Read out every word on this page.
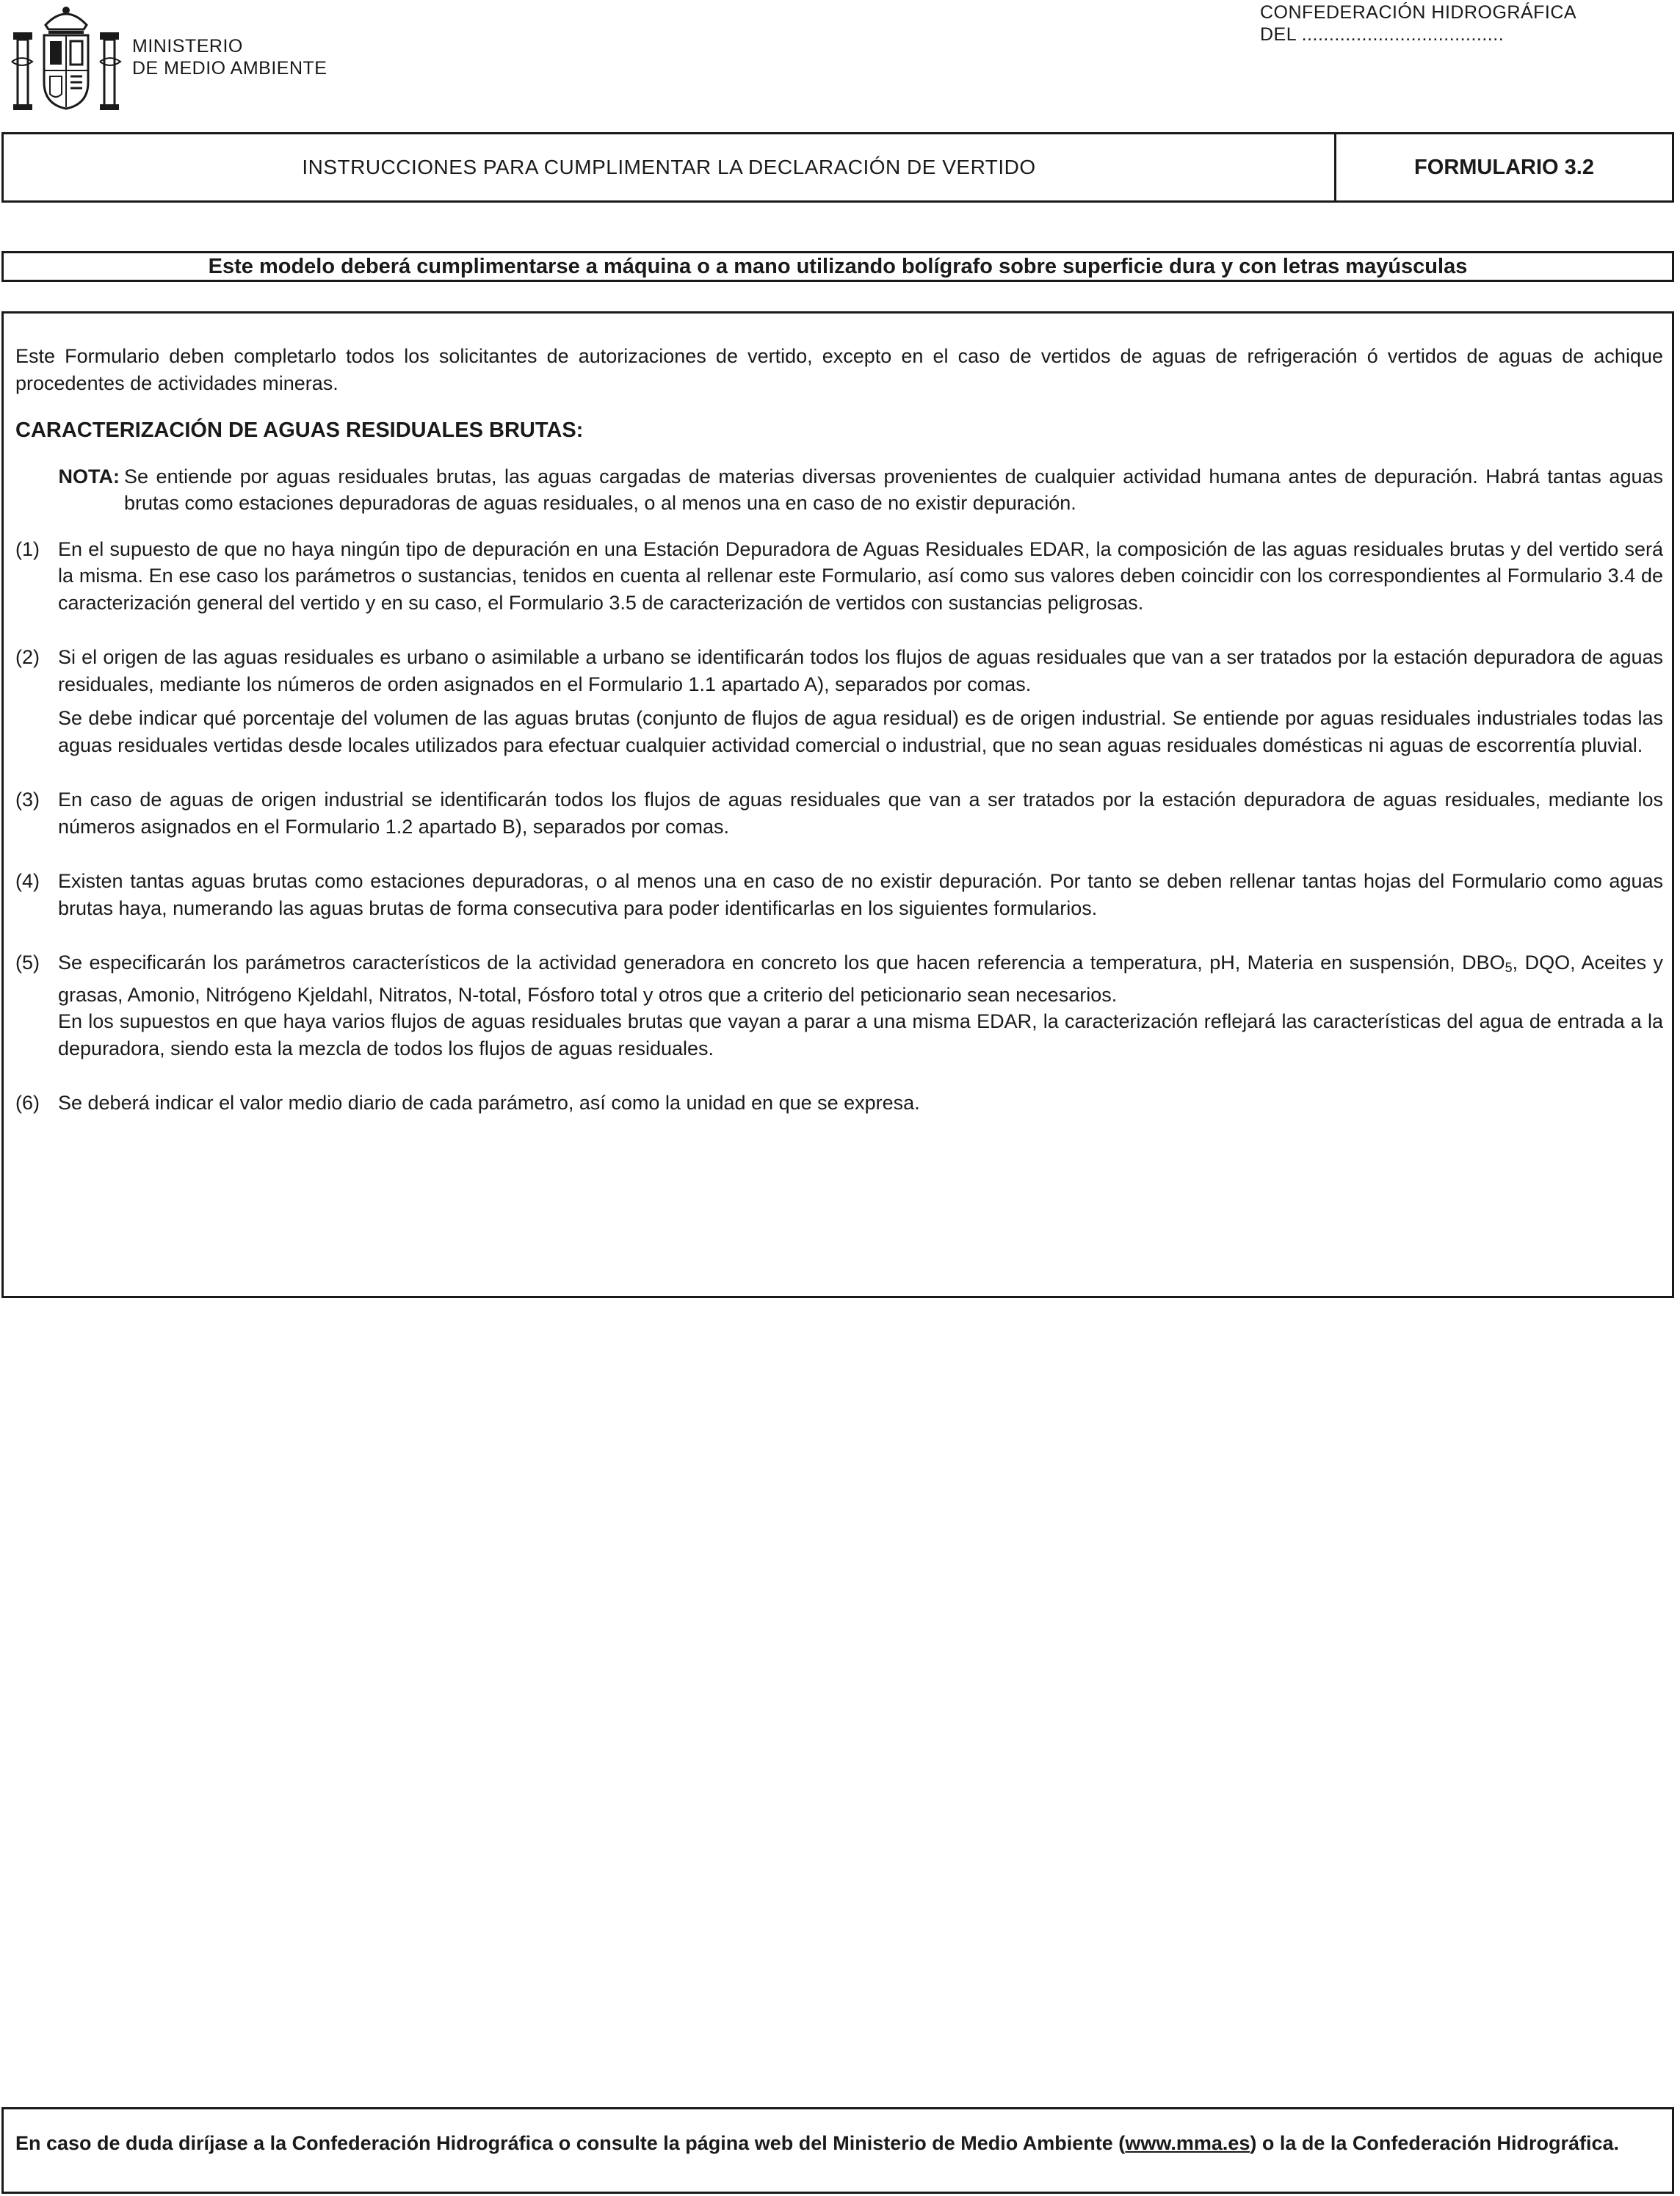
MINISTERIO
DE MEDIO AMBIENTE
CONFEDERACIÓN HIDROGRÁFICA
DEL .....................................
INSTRUCCIONES PARA CUMPLIMENTAR LA DECLARACIÓN DE VERTIDO	FORMULARIO 3.2
Este modelo deberá cumplimentarse a máquina o a mano utilizando bolígrafo sobre superficie dura y con letras mayúsculas

Este Formulario deben completarlo todos los solicitantes de autorizaciones de vertido, excepto en el caso de vertidos de aguas de refrigeración ó vertidos de aguas de achique procedentes de actividades mineras.

CARACTERIZACIÓN DE AGUAS RESIDUALES BRUTAS:

NOTA: Se entiende por aguas residuales brutas, las aguas cargadas de materias diversas provenientes de cualquier actividad humana antes de depuración. Habrá tantas aguas brutas como estaciones depuradoras de aguas residuales, o al menos una en caso de no existir depuración.
(1) En el supuesto de que no haya ningún tipo de depuración en una Estación Depuradora de Aguas Residuales EDAR, la composición de las aguas residuales brutas y del vertido será la misma. En ese caso los parámetros o sustancias, tenidos en cuenta al rellenar este Formulario, así como sus valores deben coincidir con los correspondientes al Formulario 3.4 de caracterización general del vertido y en su caso, el Formulario 3.5 de caracterización de vertidos con sustancias peligrosas.

(2) Si el origen de las aguas residuales es urbano o asimilable a urbano se identificarán todos los flujos de aguas residuales que van a ser tratados por la estación depuradora de aguas residuales, mediante los números de orden asignados en el Formulario 1.1 apartado A), separados por comas.

Se debe indicar qué porcentaje del volumen de las aguas brutas (conjunto de flujos de agua residual) es de origen industrial. Se entiende por aguas residuales industriales todas las aguas residuales vertidas desde locales utilizados para efectuar cualquier actividad comercial o industrial, que no sean aguas residuales domésticas ni aguas de escorrentía pluvial.

(3) En caso de aguas de origen industrial se identificarán todos los flujos de aguas residuales que van a ser tratados por la estación depuradora de aguas residuales, mediante los números asignados en el Formulario 1.2 apartado B), separados por comas.

(4) Existen tantas aguas brutas como estaciones depuradoras, o al menos una en caso de no existir depuración. Por tanto se deben rellenar tantas hojas del Formulario como aguas brutas haya, numerando las aguas brutas de forma consecutiva para poder identificarlas en los siguientes formularios.

(5) Se especificarán los parámetros característicos de la actividad generadora en concreto los que hacen referencia a temperatura, pH, Materia en suspensión, $DBO_5$, DQO, Aceites y grasas, Amonio, Nitrógeno Kjeldahl, Nitratos, N-total, Fósforo total y otros que a criterio del peticionario sean necesarios.

En los supuestos en que haya varios flujos de aguas residuales brutas que vayan a parar a una misma EDAR, la caracterización reflejará las características del agua de entrada a la depuradora, siendo esta la mezcla de todos los flujos de aguas residuales.

(6) Se deberá indicar el valor medio diario de cada parámetro, así como la unidad en que se expresa.

En caso de duda diríjase a la Confederación Hidrográfica o consulte la página web del Ministerio de Medio Ambiente (www.mma.es) o la de la Confederación Hidrográfica.
